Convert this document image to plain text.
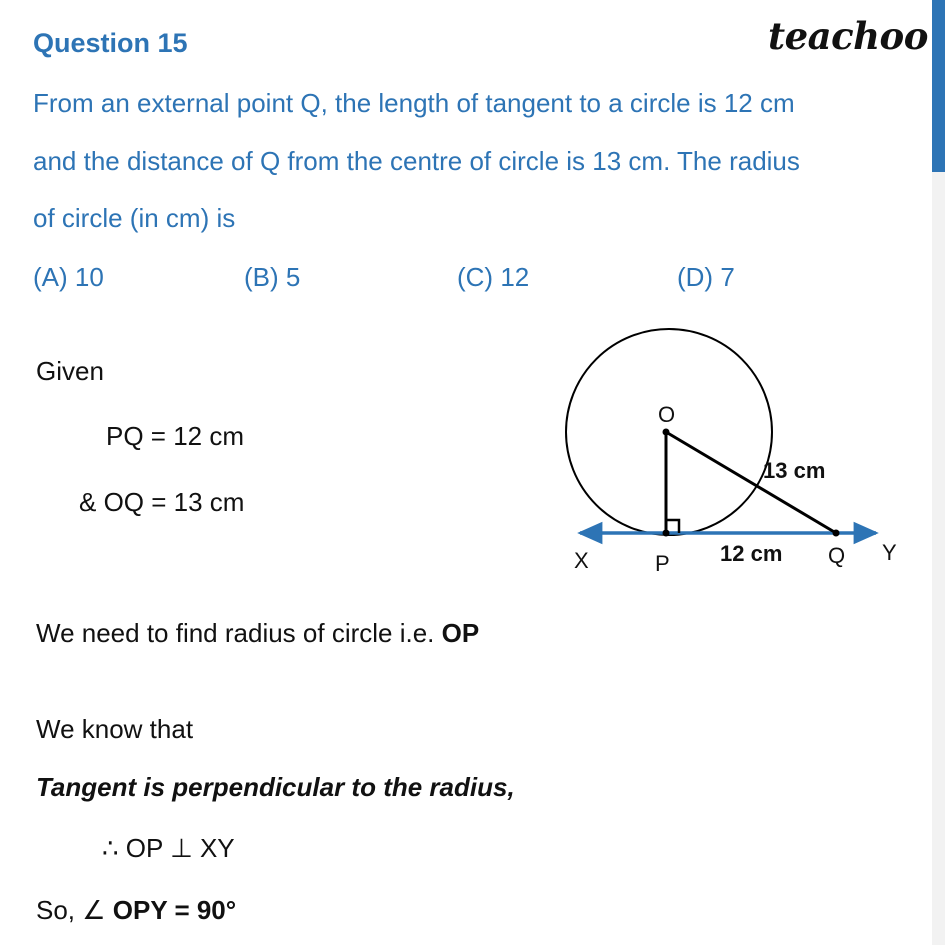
Question 15	teachoo
From an external point Q, the length of tangent to a circle is 12 cm
and the distance of Q from the centre of circle is 13 cm. The radius
of circle (in cm) is
(A) 10	(B) 5	(C) 12	(D) 7
Given
PQ = 12 cm
& OQ = 13 cm
We need to find radius of circle i.e. OP
We know that
Tangent is perpendicular to the radius,
∴ OP ⊥ XY
So, ∠ OPY = 90°
O
P	Q
X	Y
13 cm
12 cm
